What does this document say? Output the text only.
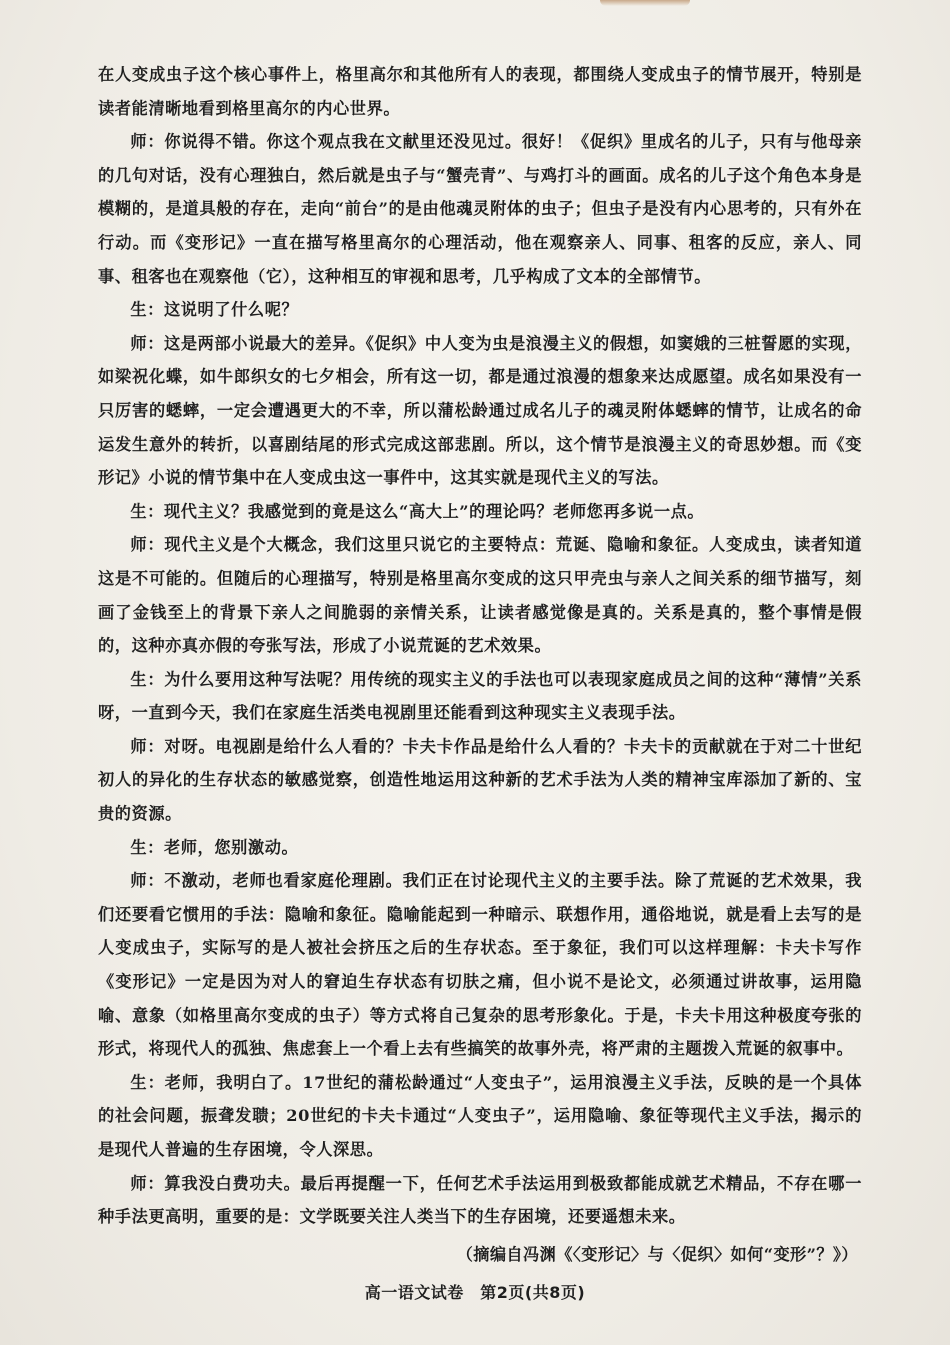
在人变成虫子这个核心事件上，格里高尔和其他所有人的表现，都围绕人变成虫子的情节展开，特别是读者能清晰地看到格里高尔的内心世界。

师：你说得不错。你这个观点我在文献里还没见过。很好！《促织》里成名的儿子，只有与他母亲的几句对话，没有心理独白，然后就是虫子与“蟹壳青”、与鸡打斗的画面。成名的儿子这个角色本身是模糊的，是道具般的存在，走向“前台”的是由他魂灵附体的虫子；但虫子是没有内心思考的，只有外在行动。而《变形记》一直在描写格里高尔的心理活动，他在观察亲人、同事、租客的反应，亲人、同事、租客也在观察他（它），这种相互的审视和思考，几乎构成了文本的全部情节。

生：这说明了什么呢？

师：这是两部小说最大的差异。《促织》中人变为虫是浪漫主义的假想，如窦娥的三桩誓愿的实现，如梁祝化蝶，如牛郎织女的七夕相会，所有这一切，都是通过浪漫的想象来达成愿望。成名如果没有一只厉害的蟋蟀，一定会遭遇更大的不幸，所以蒲松龄通过成名儿子的魂灵附体蟋蟀的情节，让成名的命运发生意外的转折，以喜剧结尾的形式完成这部悲剧。所以，这个情节是浪漫主义的奇思妙想。而《变形记》小说的情节集中在人变成虫这一事件中，这其实就是现代主义的写法。

生：现代主义？我感觉到的竟是这么“高大上”的理论吗？老师您再多说一点。

师：现代主义是个大概念，我们这里只说它的主要特点：荒诞、隐喻和象征。人变成虫，读者知道这是不可能的。但随后的心理描写，特别是格里高尔变成的这只甲壳虫与亲人之间关系的细节描写，刻画了金钱至上的背景下亲人之间脆弱的亲情关系，让读者感觉像是真的。关系是真的，整个事情是假的，这种亦真亦假的夸张写法，形成了小说荒诞的艺术效果。

生：为什么要用这种写法呢？用传统的现实主义的手法也可以表现家庭成员之间的这种“薄情”关系呀，一直到今天，我们在家庭生活类电视剧里还能看到这种现实主义表现手法。

师：对呀。电视剧是给什么人看的？卡夫卡作品是给什么人看的？卡夫卡的贡献就在于对二十世纪初人的异化的生存状态的敏感觉察，创造性地运用这种新的艺术手法为人类的精神宝库添加了新的、宝贵的资源。

生：老师，您别激动。

师：不激动，老师也看家庭伦理剧。我们正在讨论现代主义的主要手法。除了荒诞的艺术效果，我们还要看它惯用的手法：隐喻和象征。隐喻能起到一种暗示、联想作用，通俗地说，就是看上去写的是人变成虫子，实际写的是人被社会挤压之后的生存状态。至于象征，我们可以这样理解：卡夫卡写作《变形记》一定是因为对人的窘迫生存状态有切肤之痛，但小说不是论文，必须通过讲故事，运用隐喻、意象（如格里高尔变成的虫子）等方式将自己复杂的思考形象化。于是，卡夫卡用这种极度夸张的形式，将现代人的孤独、焦虑套上一个看上去有些搞笑的故事外壳，将严肃的主题拨入荒诞的叙事中。

生：老师，我明白了。17世纪的蒲松龄通过“人变虫子”，运用浪漫主义手法，反映的是一个具体的社会问题，振聋发聩；20世纪的卡夫卡通过“人变虫子”，运用隐喻、象征等现代主义手法，揭示的是现代人普遍的生存困境，令人深思。

师：算我没白费功夫。最后再提醒一下，任何艺术手法运用到极致都能成就艺术精品，不存在哪一种手法更高明，重要的是：文学既要关注人类当下的生存困境，还要遥想未来。

（摘编自冯渊《〈变形记〉与〈促织〉如何“变形”？》）

高一语文试卷　第2页(共8页)
